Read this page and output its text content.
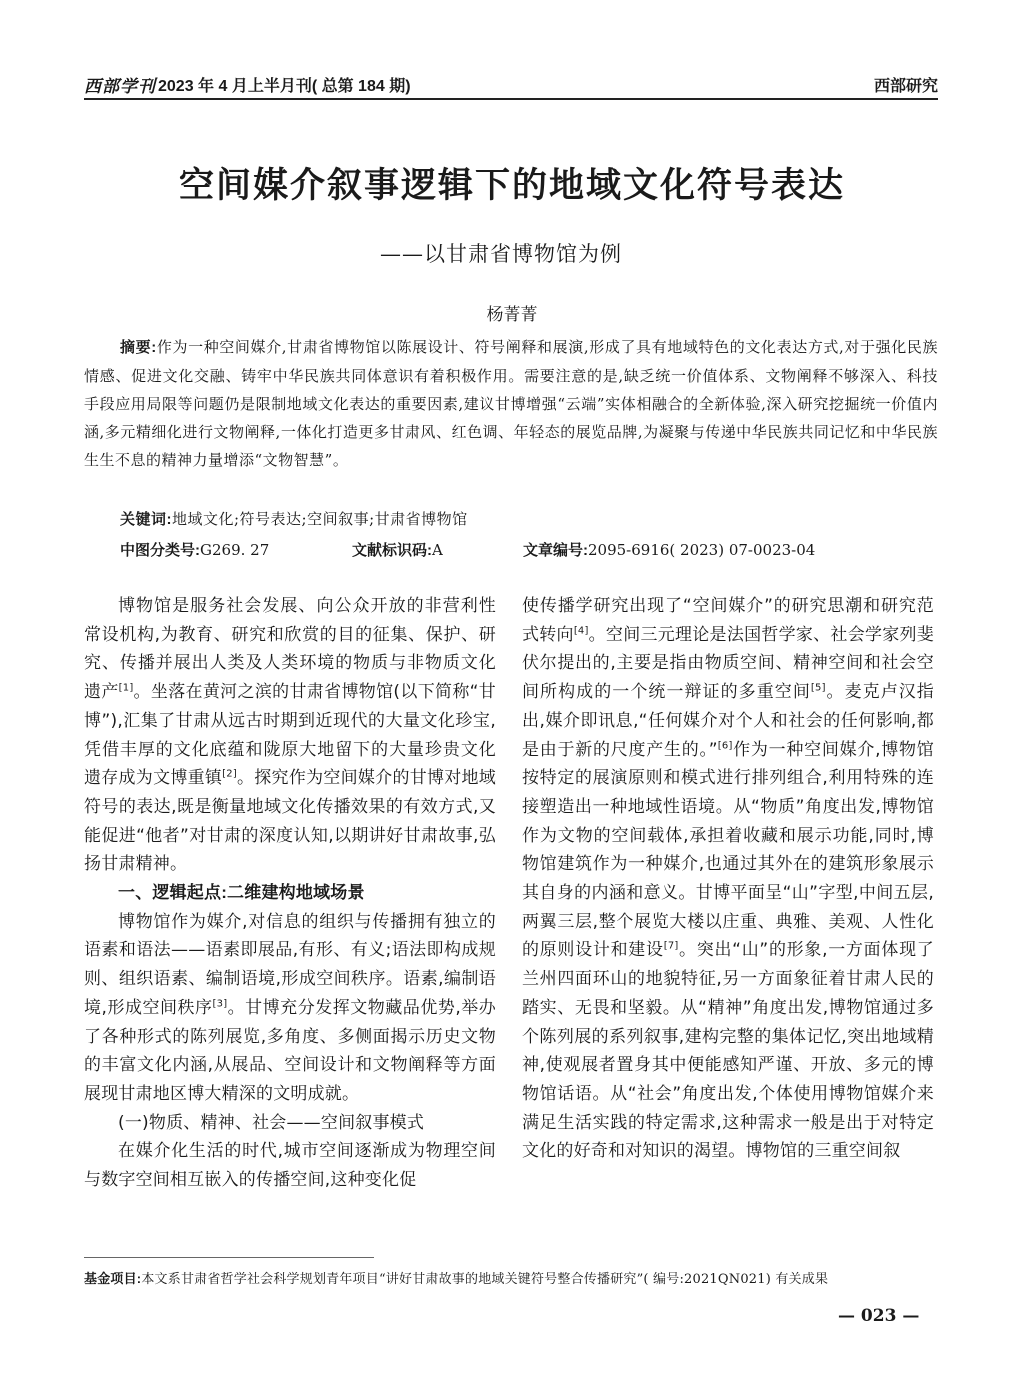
西部学刊 2023 年 4 月上半月刊( 总第 184 期)	西部研究
空间媒介叙事逻辑下的地域文化符号表达
——以甘肃省博物馆为例
杨菁菁
摘要:作为一种空间媒介,甘肃省博物馆以陈展设计、符号阐释和展演,形成了具有地域特色的文化表达方式,对于强化民族情感、促进文化交融、铸牢中华民族共同体意识有着积极作用。需要注意的是,缺乏统一价值体系、文物阐释不够深入、科技手段应用局限等问题仍是限制地域文化表达的重要因素,建议甘博增强“云端”实体相融合的全新体验,深入研究挖掘统一价值内涵,多元精细化进行文物阐释,一体化打造更多甘肃风、红色调、年轻态的展览品牌,为凝聚与传递中华民族共同记忆和中华民族生生不息的精神力量增添“文物智慧”。
关键词:地域文化;符号表达;空间叙事;甘肃省博物馆
中图分类号:G269. 27	文献标识码:A	文章编号:2095-6916( 2023) 07-0023-04

博物馆是服务社会发展、向公众开放的非营利性常设机构,为教育、研究和欣赏的目的征集、保护、研究、传播并展出人类及人类环境的物质与非物质文化遗产[1]。坐落在黄河之滨的甘肃省博物馆(以下简称“甘博”),汇集了甘肃从远古时期到近现代的大量文化珍宝,凭借丰厚的文化底蕴和陇原大地留下的大量珍贵文化遗存成为文博重镇[2]。探究作为空间媒介的甘博对地域符号的表达,既是衡量地域文化传播效果的有效方式,又能促进“他者”对甘肃的深度认知,以期讲好甘肃故事,弘扬甘肃精神。

一、逻辑起点:二维建构地域场景

博物馆作为媒介,对信息的组织与传播拥有独立的语素和语法——语素即展品,有形、有义;语法即构成规则、组织语素、编制语境,形成空间秩序。语素,编制语境,形成空间秩序[3]。甘博充分发挥文物藏品优势,举办了各种形式的陈列展览,多角度、多侧面揭示历史文物的丰富文化内涵,从展品、空间设计和文物阐释等方面展现甘肃地区博大精深的文明成就。

(一)物质、精神、社会——空间叙事模式

在媒介化生活的时代,城市空间逐渐成为物理空间与数字空间相互嵌入的传播空间,这种变化促

使传播学研究出现了“空间媒介”的研究思潮和研究范式转向[4]。空间三元理论是法国哲学家、社会学家列斐伏尔提出的,主要是指由物质空间、精神空间和社会空间所构成的一个统一辩证的多重空间[5]。麦克卢汉指出,媒介即讯息,“任何媒介对个人和社会的任何影响,都是由于新的尺度产生的。”[6]作为一种空间媒介,博物馆按特定的展演原则和模式进行排列组合,利用特殊的连接塑造出一种地域性语境。从“物质”角度出发,博物馆作为文物的空间载体,承担着收藏和展示功能,同时,博物馆建筑作为一种媒介,也通过其外在的建筑形象展示其自身的内涵和意义。甘博平面呈“山”字型,中间五层,两翼三层,整个展览大楼以庄重、典雅、美观、人性化的原则设计和建设[7]。突出“山”的形象,一方面体现了兰州四面环山的地貌特征,另一方面象征着甘肃人民的踏实、无畏和坚毅。从“精神”角度出发,博物馆通过多个陈列展的系列叙事,建构完整的集体记忆,突出地域精神,使观展者置身其中便能感知严谨、开放、多元的博物馆话语。从“社会”角度出发,个体使用博物馆媒介来满足生活实践的特定需求,这种需求一般是出于对特定文化的好奇和对知识的渴望。博物馆的三重空间叙

基金项目:本文系甘肃省哲学社会科学规划青年项目“讲好甘肃故事的地域关键符号整合传播研究”( 编号:2021QN021) 有关成果
— 023 —
